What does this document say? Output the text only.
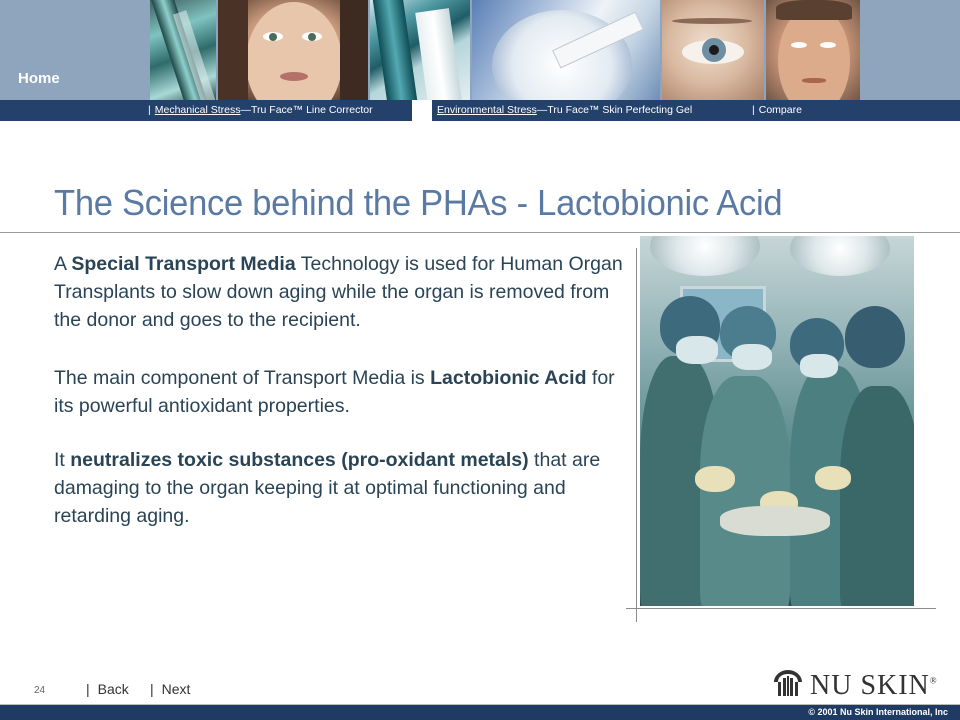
Home
| Mechanical Stress—Tru Face™ Line Corrector	Environmental Stress—Tru Face™ Skin Perfecting Gel	| Compare
The Science behind the PHAs - Lactobionic Acid
A Special Transport Media Technology is used for Human Organ Transplants to slow down aging while the organ is removed from the donor and goes to the recipient.
The main component of Transport Media is Lactobionic Acid for its powerful antioxidant properties.
It neutralizes toxic substances (pro-oxidant metals) that are damaging to the organ keeping it at optimal functioning and retarding aging.
24	| Back | Next	NU SKIN®
© 2001 Nu Skin International, Inc
